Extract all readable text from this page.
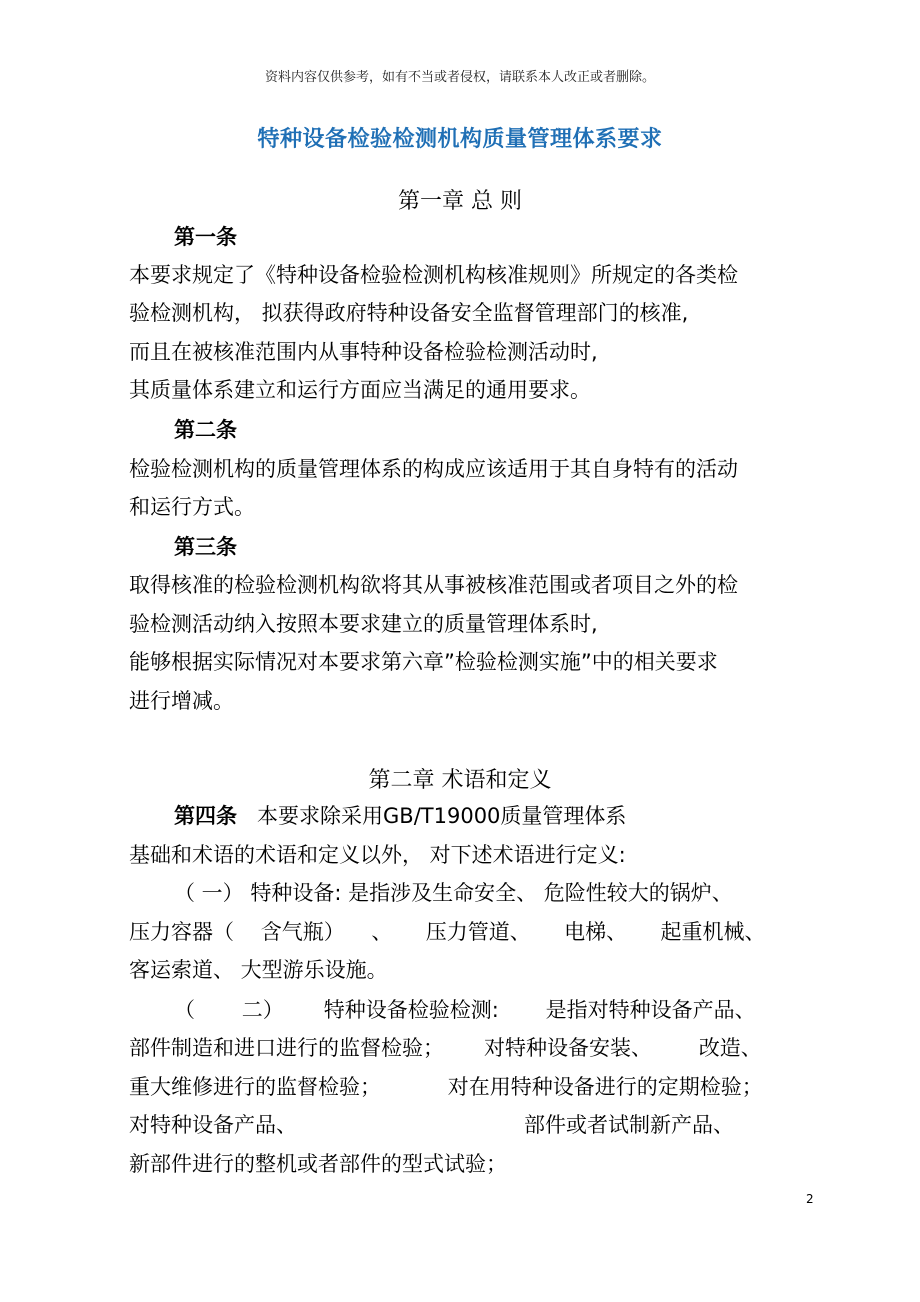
资料内容仅供参考，如有不当或者侵权，请联系本人改正或者删除。
特种设备检验检测机构质量管理体系要求
第一章 总 则
第一条
本要求规定了《特种设备检验检测机构核准规则》所规定的各类检
验检测机构， 拟获得政府特种设备安全监督管理部门的核准,
而且在被核准范围内从事特种设备检验检测活动时,
其质量体系建立和运行方面应当满足的通用要求。
第二条
检验检测机构的质量管理体系的构成应该适用于其自身特有的活动
和运行方式。
第三条
取得核准的检验检测机构欲将其从事被核准范围或者项目之外的检
验检测活动纳入按照本要求建立的质量管理体系时,
能够根据实际情况对本要求第六章”检验检测实施”中的相关要求
进行增减。
第二章 术语和定义
第四条   本要求除采用GB/T19000质量管理体系
基础和术语的术语和定义以外， 对下述术语进行定义:
（ 一） 特种设备: 是指涉及生命安全、 危险性较大的锅炉、
压力容器（    含气瓶）    、     压力管道、     电梯、     起重机械、
客运索道、 大型游乐设施。
（       二）      特种设备检验检测:       是指对特种设备产品、
部件制造和进口进行的监督检验；      对特种设备安装、       改造、
重大维修进行的监督检验；          对在用特种设备进行的定期检验；
对特种设备产品、                                  部件或者试制新产品、
新部件进行的整机或者部件的型式试验；
2
